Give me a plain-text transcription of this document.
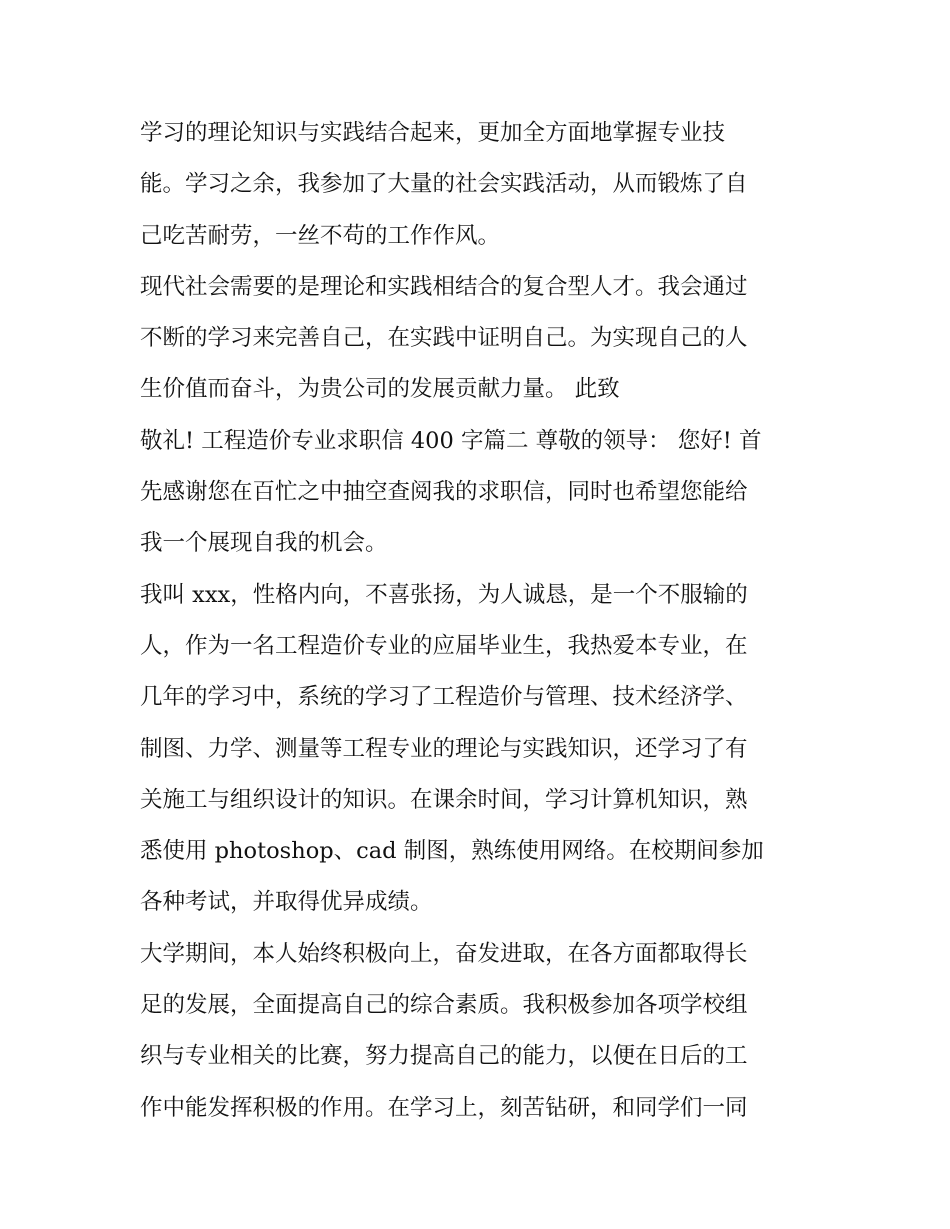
学习的理论知识与实践结合起来，更加全方面地掌握专业技
能。学习之余，我参加了大量的社会实践活动，从而锻炼了自
己吃苦耐劳，一丝不苟的工作作风。
现代社会需要的是理论和实践相结合的复合型人才。我会通过
不断的学习来完善自己，在实践中证明自己。为实现自己的人
生价值而奋斗，为贵公司的发展贡献力量。 此致
敬礼! 工程造价专业求职信 400 字篇二 尊敬的领导： 您好! 首
先感谢您在百忙之中抽空查阅我的求职信，同时也希望您能给
我一个展现自我的机会。
我叫 xxx，性格内向，不喜张扬，为人诚恳，是一个不服输的
人，作为一名工程造价专业的应届毕业生，我热爱本专业，在
几年的学习中，系统的学习了工程造价与管理、技术经济学、
制图、力学、测量等工程专业的理论与实践知识，还学习了有
关施工与组织设计的知识。在课余时间，学习计算机知识，熟
悉使用 photoshop、cad 制图，熟练使用网络。在校期间参加
各种考试，并取得优异成绩。
大学期间，本人始终积极向上，奋发进取，在各方面都取得长
足的发展，全面提高自己的综合素质。我积极参加各项学校组
织与专业相关的比赛，努力提高自己的能力，以便在日后的工
作中能发挥积极的作用。在学习上，刻苦钻研，和同学们一同
